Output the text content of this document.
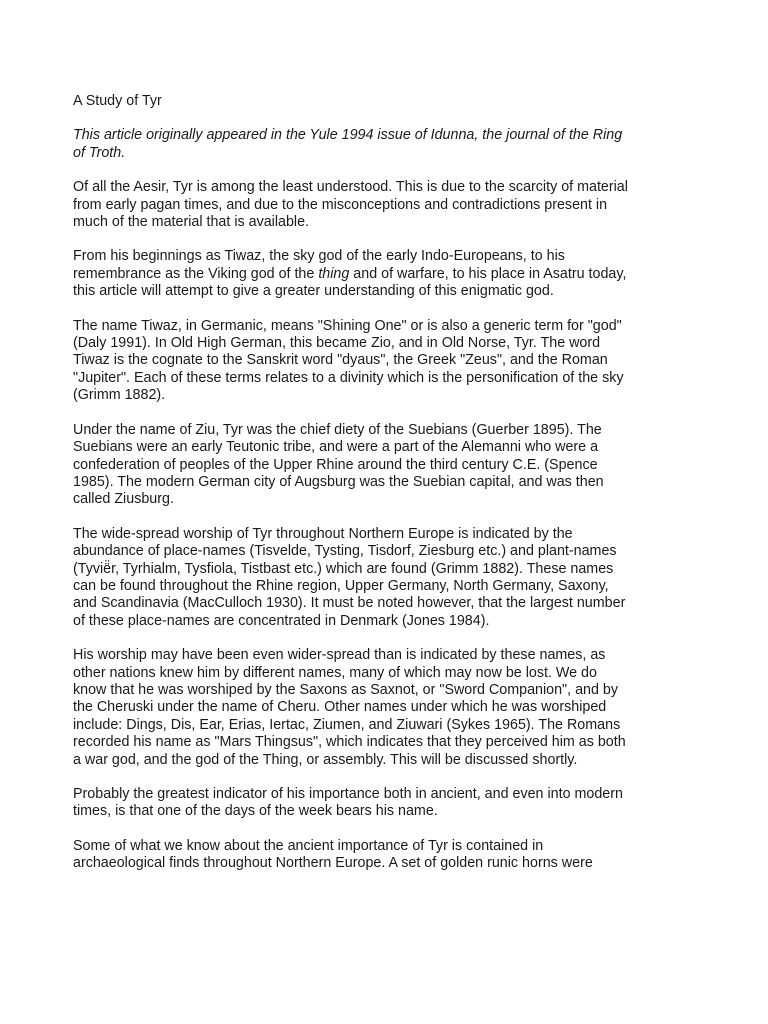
A Study of Tyr

This article originally appeared in the Yule 1994 issue of Idunna, the journal of the Ring of Troth.

Of all the Aesir, Tyr is among the least understood. This is due to the scarcity of material from early pagan times, and due to the misconceptions and contradictions present in much of the material that is available.

From his beginnings as Tiwaz, the sky god of the early Indo-Europeans, to his remembrance as the Viking god of the thing and of warfare, to his place in Asatru today, this article will attempt to give a greater understanding of this enigmatic god.

The name Tiwaz, in Germanic, means "Shining One" or is also a generic term for "god" (Daly 1991). In Old High German, this became Zio, and in Old Norse, Tyr. The word Tiwaz is the cognate to the Sanskrit word "dyaus", the Greek "Zeus", and the Roman "Jupiter". Each of these terms relates to a divinity which is the personification of the sky (Grimm 1882).

Under the name of Ziu, Tyr was the chief diety of the Suebians (Guerber 1895). The Suebians were an early Teutonic tribe, and were a part of the Alemanni who were a confederation of peoples of the Upper Rhine around the third century C.E. (Spence 1985). The modern German city of Augsburg was the Suebian capital, and was then called Ziusburg.

The wide-spread worship of Tyr throughout Northern Europe is indicated by the abundance of place-names (Tisvelde, Tysting, Tisdorf, Ziesburg etc.) and plant-names (Tyvië̈r, Tyrhialm, Tysfiola, Tistbast etc.) which are found (Grimm 1882). These names can be found throughout the Rhine region, Upper Germany, North Germany, Saxony, and Scandinavia (MacCulloch 1930). It must be noted however, that the largest number of these place-names are concentrated in Denmark (Jones 1984).

His worship may have been even wider-spread than is indicated by these names, as other nations knew him by different names, many of which may now be lost. We do know that he was worshiped by the Saxons as Saxnot, or "Sword Companion", and by the Cheruski under the name of Cheru. Other names under which he was worshiped include: Dings, Dis, Ear, Erias, Iertac, Ziumen, and Ziuwari (Sykes 1965). The Romans recorded his name as "Mars Thingsus", which indicates that they perceived him as both a war god, and the god of the Thing, or assembly. This will be discussed shortly.

Probably the greatest indicator of his importance both in ancient, and even into modern times, is that one of the days of the week bears his name.

Some of what we know about the ancient importance of Tyr is contained in archaeological finds throughout Northern Europe. A set of golden runic horns were
